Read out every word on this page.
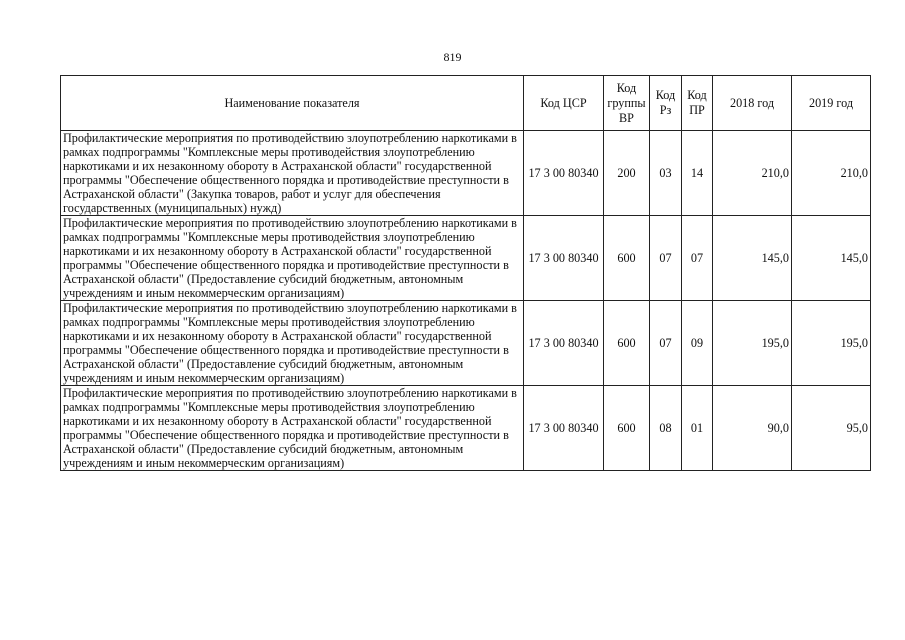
819
Наименование показателя	Код ЦСР	Код группы ВР	Код Рз	Код ПР	2018 год	2019 год
Профилактические мероприятия по противодействию злоупотреблению наркотиками в рамках подпрограммы "Комплексные меры противодействия злоупотреблению наркотиками и их незаконному обороту в Астраханской области" государственной программы "Обеспечение общественного порядка и противодействие преступности в Астраханской области" (Закупка товаров, работ и услуг для обеспечения государственных (муниципальных) нужд)	17 3 00 80340	200	03	14	210,0	210,0
Профилактические мероприятия по противодействию злоупотреблению наркотиками в рамках подпрограммы "Комплексные меры противодействия злоупотреблению наркотиками и их незаконному обороту в Астраханской области" государственной программы "Обеспечение общественного порядка и противодействие преступности в Астраханской области" (Предоставление субсидий бюджетным, автономным учреждениям и иным некоммерческим организациям)	17 3 00 80340	600	07	07	145,0	145,0
Профилактические мероприятия по противодействию злоупотреблению наркотиками в рамках подпрограммы "Комплексные меры противодействия злоупотреблению наркотиками и их незаконному обороту в Астраханской области" государственной программы "Обеспечение общественного порядка и противодействие преступности в Астраханской области" (Предоставление субсидий бюджетным, автономным учреждениям и иным некоммерческим организациям)	17 3 00 80340	600	07	09	195,0	195,0
Профилактические мероприятия по противодействию злоупотреблению наркотиками в рамках подпрограммы "Комплексные меры противодействия злоупотреблению наркотиками и их незаконному обороту в Астраханской области" государственной программы "Обеспечение общественного порядка и противодействие преступности в Астраханской области" (Предоставление субсидий бюджетным, автономным учреждениям и иным некоммерческим организациям)	17 3 00 80340	600	08	01	90,0	95,0
